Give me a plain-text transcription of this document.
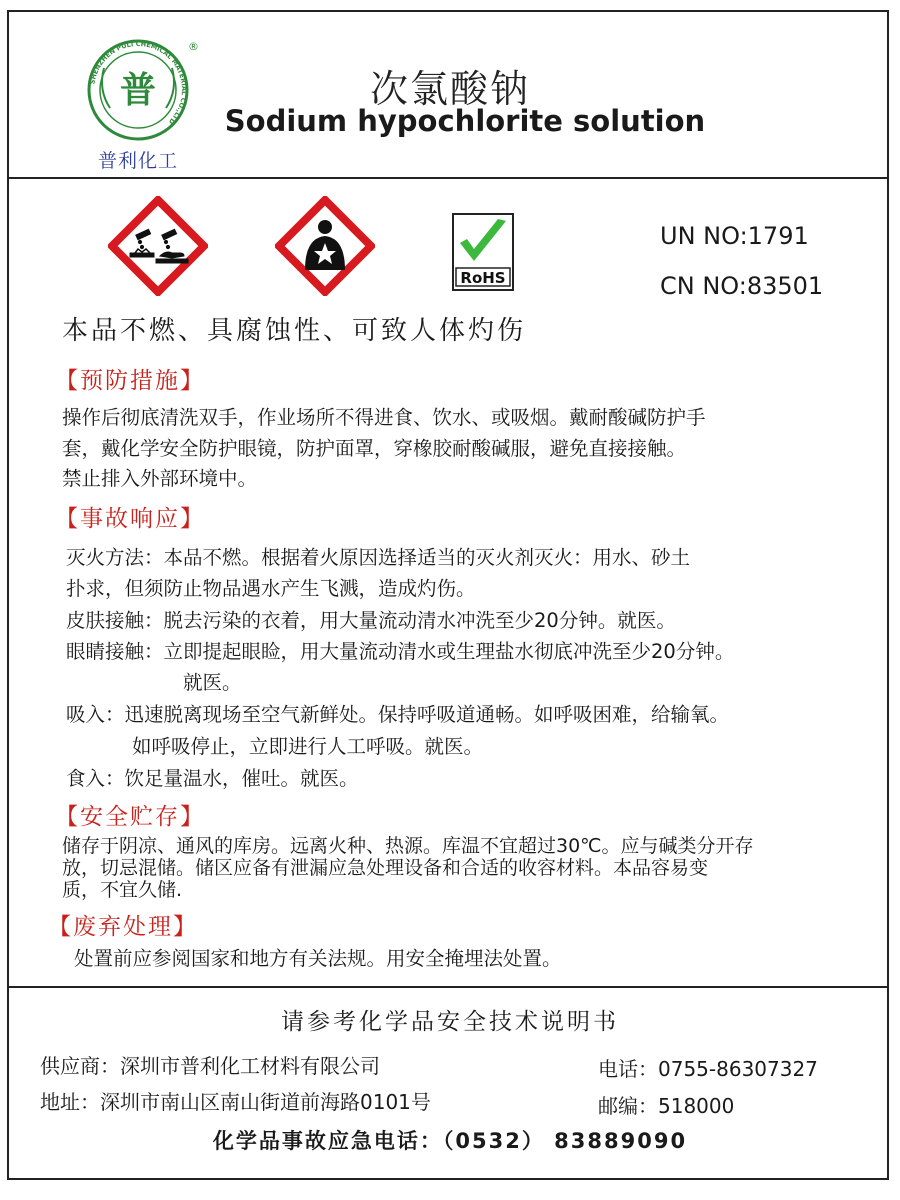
SHENZHEN PULI CHEMICAL MATERIAL CO.,LTD
普
®
普利化工
次氯酸钠
Sodium hypochlorite solution
RoHS
UN NO:1791
CN NO:83501
本品不燃、具腐蚀性、可致人体灼伤
【预防措施】
操作后彻底清洗双手，作业场所不得进食、饮水、或吸烟。戴耐酸碱防护手
套，戴化学安全防护眼镜，防护面罩，穿橡胶耐酸碱服，避免直接接触。
禁止排入外部环境中。
【事故响应】
灭火方法：本品不燃。根据着火原因选择适当的灭火剂灭火：用水、砂土
扑求，但须防止物品遇水产生飞溅，造成灼伤。
皮肤接触：脱去污染的衣着，用大量流动清水冲洗至少20分钟。就医。
眼睛接触：立即提起眼睑，用大量流动清水或生理盐水彻底冲洗至少20分钟。
就医。
吸入：迅速脱离现场至空气新鲜处。保持呼吸道通畅。如呼吸困难，给输氧。
如呼吸停止，立即进行人工呼吸。就医。
食入：饮足量温水，催吐。就医。
【安全贮存】
储存于阴凉、通风的库房。远离火种、热源。库温不宜超过30℃。应与碱类分开存
放，切忌混储。储区应备有泄漏应急处理设备和合适的收容材料。本品容易变
质，不宜久储.
【废弃处理】
处置前应参阅国家和地方有关法规。用安全掩埋法处置。
请参考化学品安全技术说明书
供应商：深圳市普利化工材料有限公司	电话：0755-86307327
地址：深圳市南山区南山街道前海路0101号	邮编：518000
化学品事故应急电话：（0532） 83889090
